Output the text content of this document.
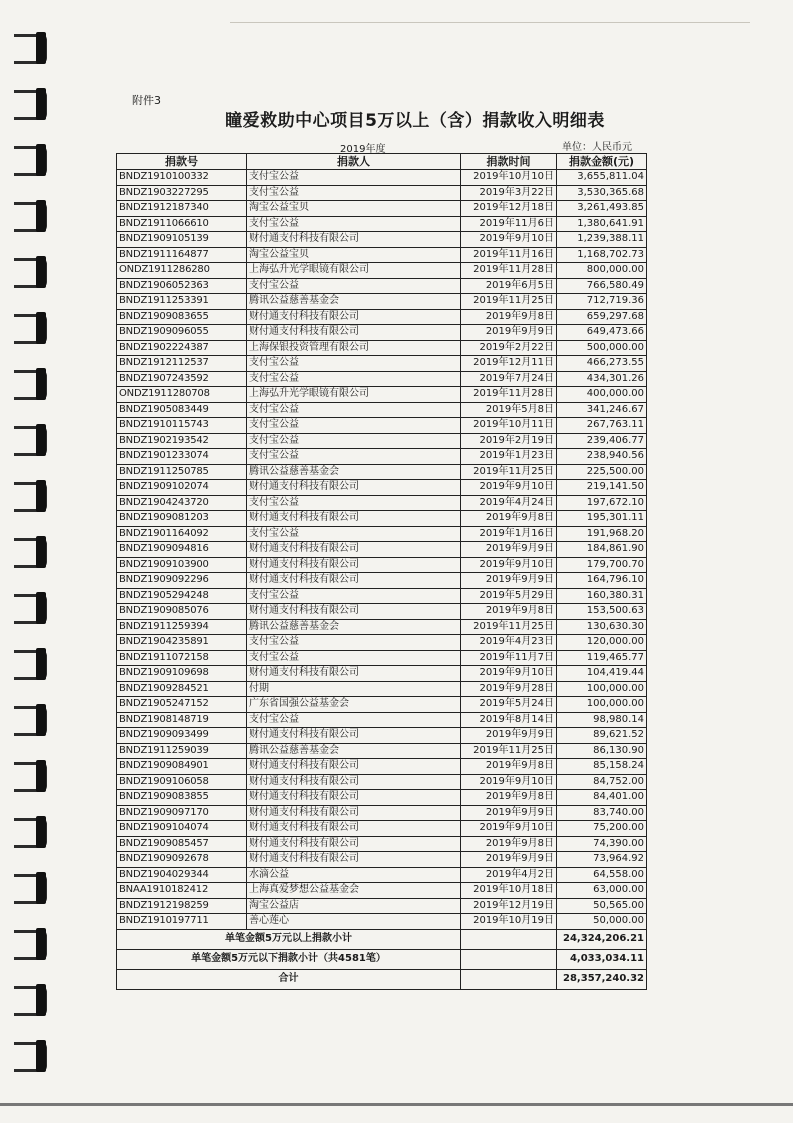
附件3
瞳爱救助中心项目5万以上（含）捐款收入明细表
2019年度	单位：人民币元
捐款号	捐款人	捐款时间	捐款金额(元)
BNDZ1910100332	支付宝公益	2019年10月10日	3,655,811.04
BNDZ1903227295	支付宝公益	2019年3月22日	3,530,365.68
BNDZ1912187340	淘宝公益宝贝	2019年12月18日	3,261,493.85
BNDZ1911066610	支付宝公益	2019年11月6日	1,380,641.91
BNDZ1909105139	财付通支付科技有限公司	2019年9月10日	1,239,388.11
BNDZ1911164877	淘宝公益宝贝	2019年11月16日	1,168,702.73
ONDZ1911286280	上海弘升光学眼镜有限公司	2019年11月28日	800,000.00
BNDZ1906052363	支付宝公益	2019年6月5日	766,580.49
BNDZ1911253391	腾讯公益慈善基金会	2019年11月25日	712,719.36
BNDZ1909083655	财付通支付科技有限公司	2019年9月8日	659,297.68
BNDZ1909096055	财付通支付科技有限公司	2019年9月9日	649,473.66
BNDZ1902224387	上海保银投资管理有限公司	2019年2月22日	500,000.00
BNDZ1912112537	支付宝公益	2019年12月11日	466,273.55
BNDZ1907243592	支付宝公益	2019年7月24日	434,301.26
ONDZ1911280708	上海弘升光学眼镜有限公司	2019年11月28日	400,000.00
BNDZ1905083449	支付宝公益	2019年5月8日	341,246.67
BNDZ1910115743	支付宝公益	2019年10月11日	267,763.11
BNDZ1902193542	支付宝公益	2019年2月19日	239,406.77
BNDZ1901233074	支付宝公益	2019年1月23日	238,940.56
BNDZ1911250785	腾讯公益慈善基金会	2019年11月25日	225,500.00
BNDZ1909102074	财付通支付科技有限公司	2019年9月10日	219,141.50
BNDZ1904243720	支付宝公益	2019年4月24日	197,672.10
BNDZ1909081203	财付通支付科技有限公司	2019年9月8日	195,301.11
BNDZ1901164092	支付宝公益	2019年1月16日	191,968.20
BNDZ1909094816	财付通支付科技有限公司	2019年9月9日	184,861.90
BNDZ1909103900	财付通支付科技有限公司	2019年9月10日	179,700.70
BNDZ1909092296	财付通支付科技有限公司	2019年9月9日	164,796.10
BNDZ1905294248	支付宝公益	2019年5月29日	160,380.31
BNDZ1909085076	财付通支付科技有限公司	2019年9月8日	153,500.63
BNDZ1911259394	腾讯公益慈善基金会	2019年11月25日	130,630.30
BNDZ1904235891	支付宝公益	2019年4月23日	120,000.00
BNDZ1911072158	支付宝公益	2019年11月7日	119,465.77
BNDZ1909109698	财付通支付科技有限公司	2019年9月10日	104,419.44
BNDZ1909284521	付期	2019年9月28日	100,000.00
BNDZ1905247152	广东省国强公益基金会	2019年5月24日	100,000.00
BNDZ1908148719	支付宝公益	2019年8月14日	98,980.14
BNDZ1909093499	财付通支付科技有限公司	2019年9月9日	89,621.52
BNDZ1911259039	腾讯公益慈善基金会	2019年11月25日	86,130.90
BNDZ1909084901	财付通支付科技有限公司	2019年9月8日	85,158.24
BNDZ1909106058	财付通支付科技有限公司	2019年9月10日	84,752.00
BNDZ1909083855	财付通支付科技有限公司	2019年9月8日	84,401.00
BNDZ1909097170	财付通支付科技有限公司	2019年9月9日	83,740.00
BNDZ1909104074	财付通支付科技有限公司	2019年9月10日	75,200.00
BNDZ1909085457	财付通支付科技有限公司	2019年9月8日	74,390.00
BNDZ1909092678	财付通支付科技有限公司	2019年9月9日	73,964.92
BNDZ1904029344	水滴公益	2019年4月2日	64,558.00
BNAA1910182412	上海真爱梦想公益基金会	2019年10月18日	63,000.00
BNDZ1912198259	淘宝公益店	2019年12月19日	50,565.00
BNDZ1910197711	善心莲心	2019年10月19日	50,000.00
单笔金额5万元以上捐款小计			24,324,206.21
单笔金额5万元以下捐款小计（共4581笔）			4,033,034.11
合计			28,357,240.32
